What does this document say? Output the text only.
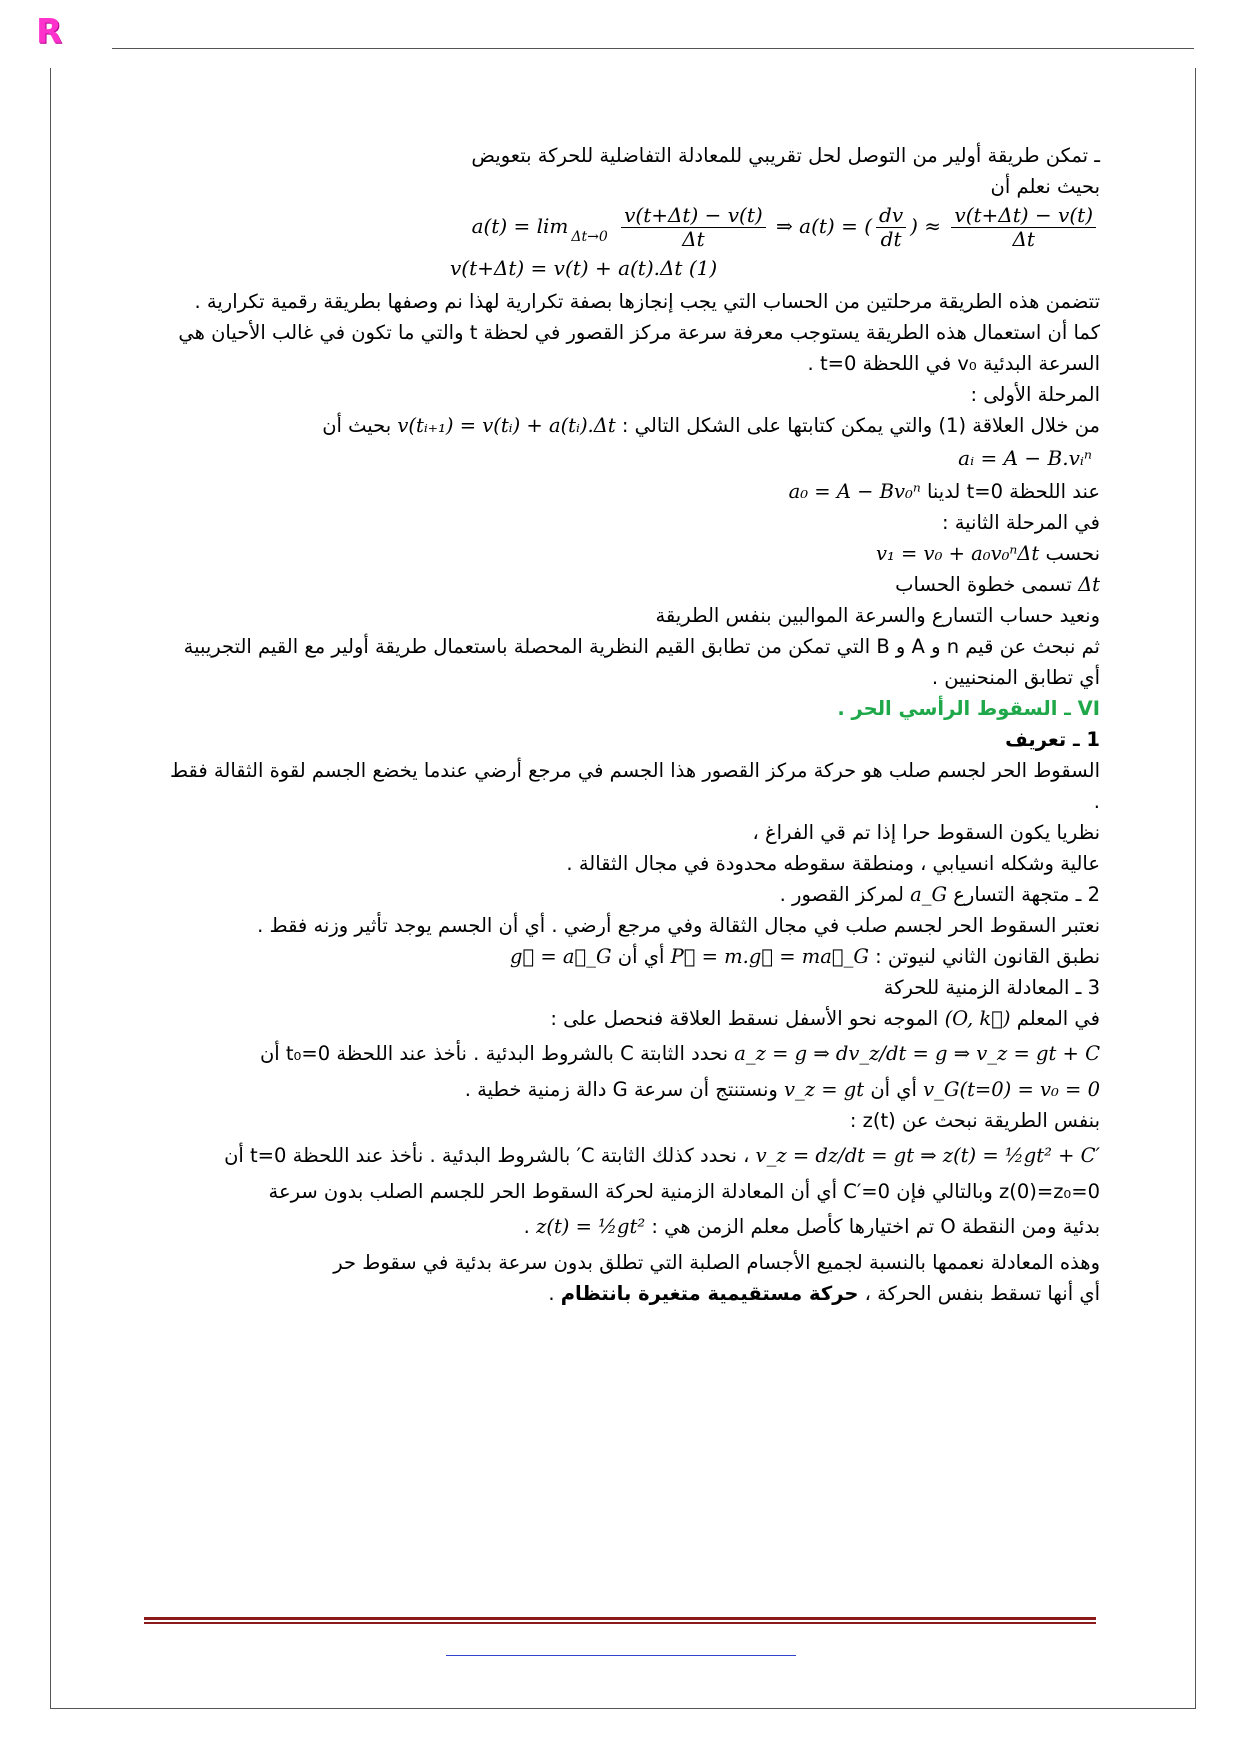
R

ـ تمكن طريقة أولير من التوصل لحل تقريبي للمعادلة التفاضلية للحركة بتعويض

بحيث نعلم أن

$a(t) = \lim \Delta t\to 0 \frac{v(t+\Delta t) - v(t)}{\Delta t}$ ⇒ a(t) = ( $\frac{dv}{dt}$ ) ≈ $\frac{v(t+\Delta t) - v(t)}{\Delta t}$
v(t+Δt) = v(t) + a(t).Δt (1)

تتضمن هذه الطريقة مرحلتين من الحساب التي يجب إنجازها بصفة تكرارية لهذا نم وصفها بطريقة رقمية تكرارية . كما أن استعمال هذه الطريقة يستوجب معرفة سرعة مركز القصور في لحظة t والتي ما تكون في غالب الأحيان هي السرعة البدئية v₀ في اللحظة t=0 .

المرحلة الأولى :

من خلال العلاقة (1) والتي يمكن كتابتها على الشكل التالي : v(tᵢ₊₁) = v(tᵢ) + a(tᵢ).Δt بحيث أن

aᵢ = A − B.vᵢⁿ

عند اللحظة t=0 لدينا a₀ = A − Bv₀ⁿ

في المرحلة الثانية :

نحسب v₁ = v₀ + a₀v₀ⁿΔt

Δt تسمى خطوة الحساب

ونعيد حساب التسارع والسرعة الموالبين بنفس الطريقة

ثم نبحث عن قيم n و A و B التي تمكن من تطابق القيم النظرية المحصلة باستعمال طريقة أولير مع القيم التجريبية أي تطابق المنحنيين .

VI ـ السقوط الرأسي الحر .

1 ـ تعريف

السقوط الحر لجسم صلب هو حركة مركز القصور هذا الجسم في مرجع أرضي عندما يخضع الجسم لقوة الثقالة فقط .

نظريا يكون السقوط حرا إذا تم قي الفراغ ،

عالية وشكله انسيابي ، ومنطقة سقوطه محدودة في مجال الثقالة .

2 ـ متجهة التسارع a_G لمركز القصور .

نعتبر السقوط الحر لجسم صلب في مجال الثقالة وفي مرجع أرضي . أي أن الجسم يوجد تأثير وزنه فقط .

نطبق القانون الثاني لنيوتن : P⃗ = m.g⃗ = ma⃗_G أي أن g⃗ = a⃗_G

3 ـ المعادلة الزمنية للحركة

في المعلم (O, k⃗) الموجه نحو الأسفل نسقط العلاقة فنحصل على :

a_z = g ⇒ dv_z/dt = g ⇒ v_z = gt + C نحدد الثابتة C بالشروط البدئية . نأخذ عند اللحظة t₀=0 أن

v_G(t=0) = v₀ = 0 أي أن v_z = gt ونستنتج أن سرعة G دالة زمنية خطية .

بنفس الطريقة نبحث عن z(t) :

v_z = dz/dt = gt ⇒ z(t) = ½gt² + C′ ، نحدد كذلك الثابتة C′ بالشروط البدئية . نأخذ عند اللحظة t=0 أن

z(0)=z₀=0 وبالتالي فإن C′=0 أي أن المعادلة الزمنية لحركة السقوط الحر للجسم الصلب بدون سرعة

بدئية ومن النقطة O تم اختيارها كأصل معلم الزمن هي : z(t) = ½gt² .

وهذه المعادلة نعممها بالنسبة لجميع الأجسام الصلبة التي تطلق بدون سرعة بدئية في سقوط حر

أي أنها تسقط بنفس الحركة ، حركة مستقيمية متغيرة بانتظام .
